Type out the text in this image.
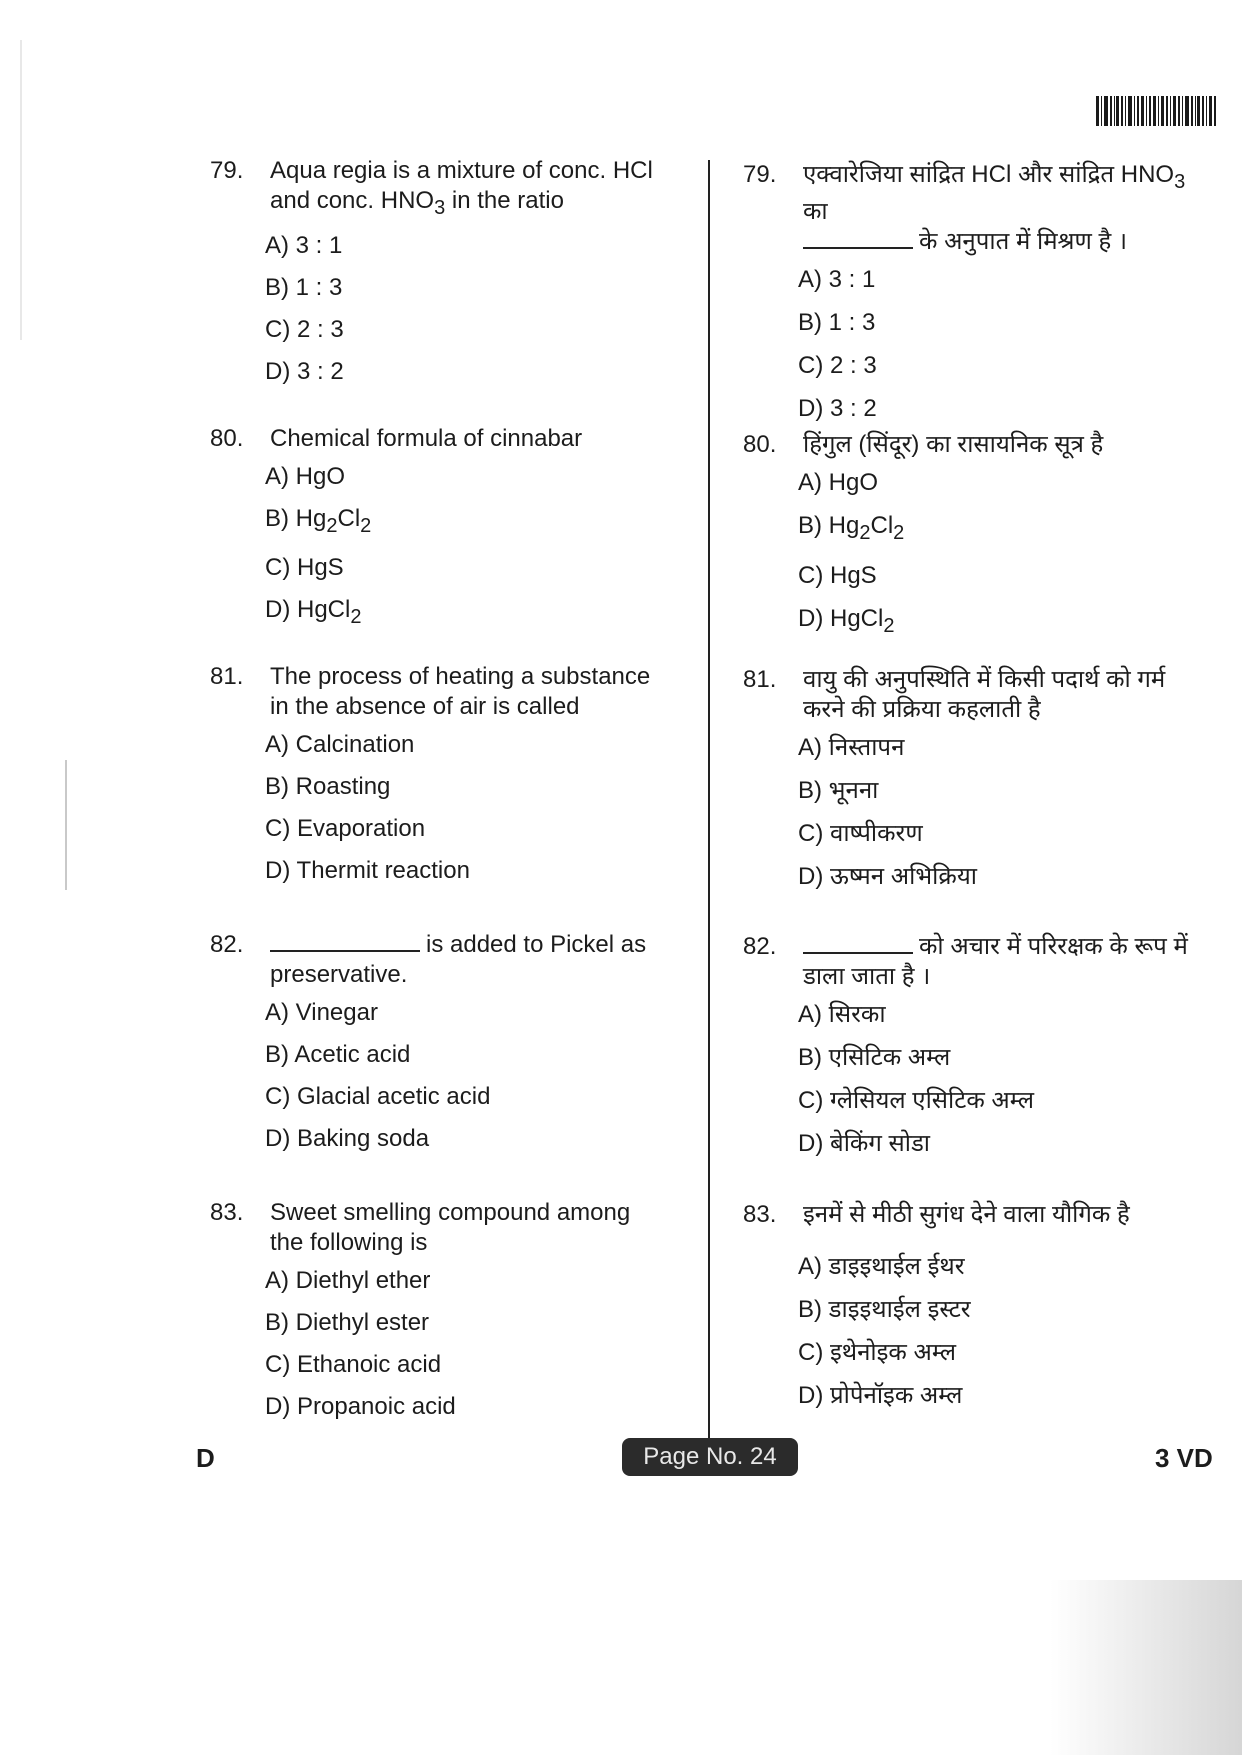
79.	Aqua regia is a mixture of conc. HCl and conc. $HNO_3$ in the ratio
A) 3 : 1
B) 1 : 3
C) 2 : 3
D) 3 : 2
80.	Chemical formula of cinnabar
A) HgO
B) $Hg_2Cl_2$
C) HgS
D) HgCl$_2$
81.	The process of heating a substance in the absence of air is called
A) Calcination
B) Roasting
C) Evaporation
D) Thermit reaction
82.	is added to Pickel as preservative.
A) Vinegar
B) Acetic acid
C) Glacial acetic acid
D) Baking soda
83.	Sweet smelling compound among the following is
A) Diethyl ether
B) Diethyl ester
C) Ethanoic acid
D) Propanoic acid
79.	एक्वारेजिया सांद्रित HCl और सांद्रित $HNO_3$ का
के अनुपात में मिश्रण है ।
A) 3 : 1
B) 1 : 3
C) 2 : 3
D) 3 : 2
80.	हिंगुल (सिंदूर) का रासायनिक सूत्र है
A) HgO
B) $Hg_2Cl_2$
C) HgS
D) HgCl$_2$
81.	वायु की अनुपस्थिति में किसी पदार्थ को गर्म करने की प्रक्रिया कहलाती है
A) निस्तापन
B) भूनना
C) वाष्पीकरण
D) ऊष्मन अभिक्रिया
82.	को अचार में परिरक्षक के रूप में डाला जाता है ।
A) सिरका
B) एसिटिक अम्ल
C) ग्लेसियल एसिटिक अम्ल
D) बेकिंग सोडा
83.	इनमें से मीठी सुगंध देने वाला यौगिक है
A) डाइइथाईल ईथर
B) डाइइथाईल इस्टर
C) इथेनोइक अम्ल
D) प्रोपेनॉइक अम्ल
D	Page No. 24	3 VD
